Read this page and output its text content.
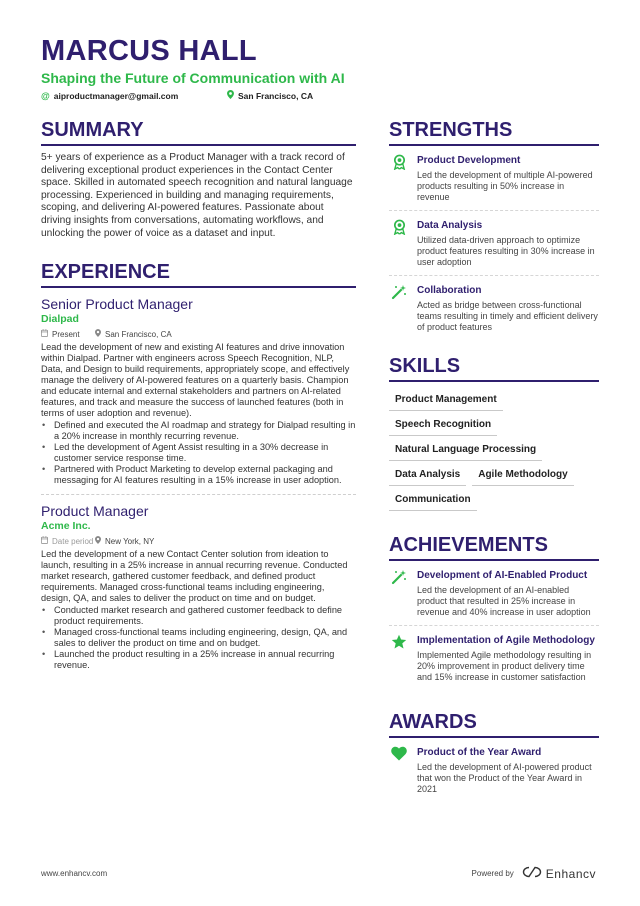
MARCUS HALL
Shaping the Future of Communication with AI
@ aiproductmanager@gmail.com	San Francisco, CA
SUMMARY
5+ years of experience as a Product Manager with a track record of delivering exceptional product experiences in the Contact Center space. Skilled in automated speech recognition and natural language processing. Experienced in building and managing requirements, scoping, and delivering AI-powered features. Passionate about driving insights from conversations, automating workflows, and unlocking the power of voice as a dataset and input.
EXPERIENCE
Senior Product Manager
Dialpad
Present	San Francisco, CA
Lead the development of new and existing AI features and drive innovation within Dialpad. Partner with engineers across Speech Recognition, NLP, Data, and Design to build requirements, appropriately scope, and effectively manage the delivery of AI-powered features on a quarterly basis. Champion and educate internal and external stakeholders and partners on AI-related features, and track and measure the success of launched features (both in terms of user adoption and revenue).
• Defined and executed the AI roadmap and strategy for Dialpad resulting in a 20% increase in monthly recurring revenue.
• Led the development of Agent Assist resulting in a 30% decrease in customer service response time.
• Partnered with Product Marketing to develop external packaging and messaging for AI features resulting in a 15% increase in user adoption.
Product Manager
Acme Inc.
Date period New York, NY
Led the development of a new Contact Center solution from ideation to launch, resulting in a 25% increase in annual recurring revenue. Conducted market research, gathered customer feedback, and defined product requirements. Managed cross-functional teams including engineering, design, QA, and sales to deliver the product on time and on budget.
• Conducted market research and gathered customer feedback to define product requirements.
• Managed cross-functional teams including engineering, design, QA, and sales to deliver the product on time and on budget.
• Launched the product resulting in a 25% increase in annual recurring revenue.
STRENGTHS
Product Development
Led the development of multiple AI-powered products resulting in 50% increase in revenue
Data Analysis
Utilized data-driven approach to optimize product features resulting in 30% increase in user adoption
Collaboration
Acted as bridge between cross-functional teams resulting in timely and efficient delivery of product features
SKILLS
Product Management
Speech Recognition
Natural Language Processing
Data Analysis	Agile Methodology
Communication
ACHIEVEMENTS
Development of AI-Enabled Product
Led the development of an AI-enabled product that resulted in 25% increase in revenue and 40% increase in user adoption
Implementation of Agile Methodology
Implemented Agile methodology resulting in 20% improvement in product delivery time and 15% increase in customer satisfaction
AWARDS
Product of the Year Award
Led the development of AI-powered product that won the Product of the Year Award in 2021
www.enhancv.com	Powered by	Enhancv
